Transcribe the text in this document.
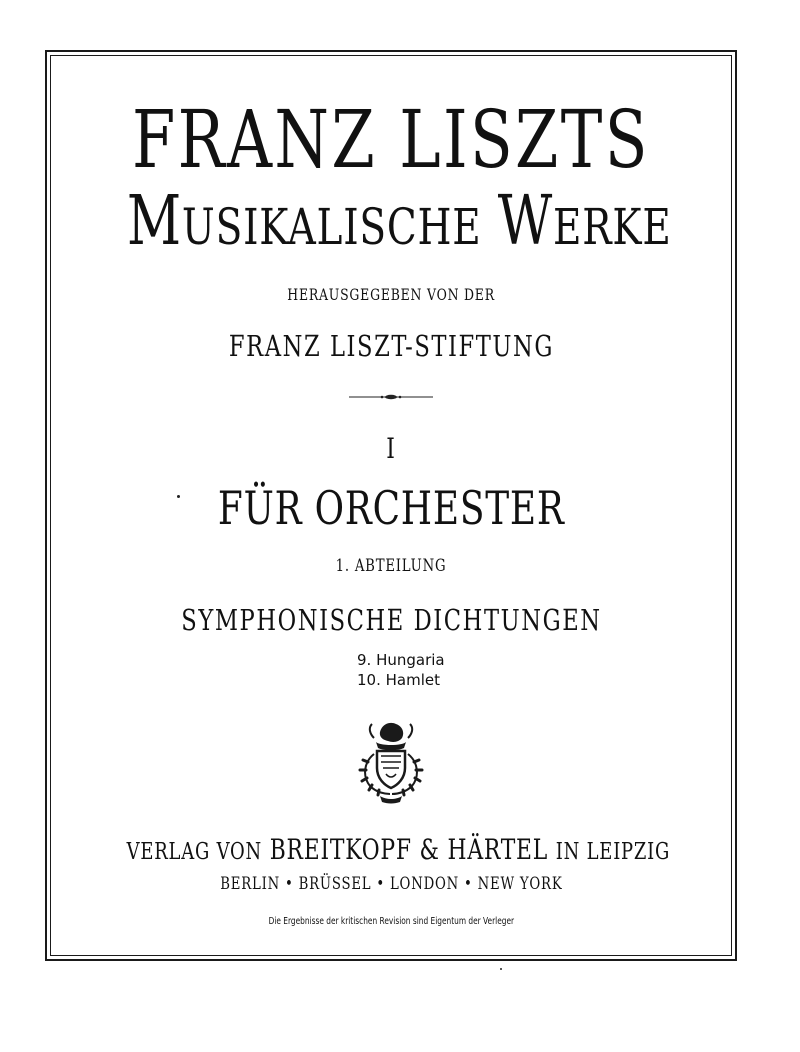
FRANZ LISZTS
MUSIKALISCHE WERKE
HERAUSGEGEBEN VON DER
FRANZ LISZT-STIFTUNG
I
FÜR ORCHESTER
1. ABTEILUNG
SYMPHONISCHE DICHTUNGEN
9. Hungaria
10. Hamlet
VERLAG VON BREITKOPF & HÄRTEL IN LEIPZIG
BERLIN • BRÜSSEL • LONDON • NEW YORK
Die Ergebnisse der kritischen Revision sind Eigentum der Verleger
